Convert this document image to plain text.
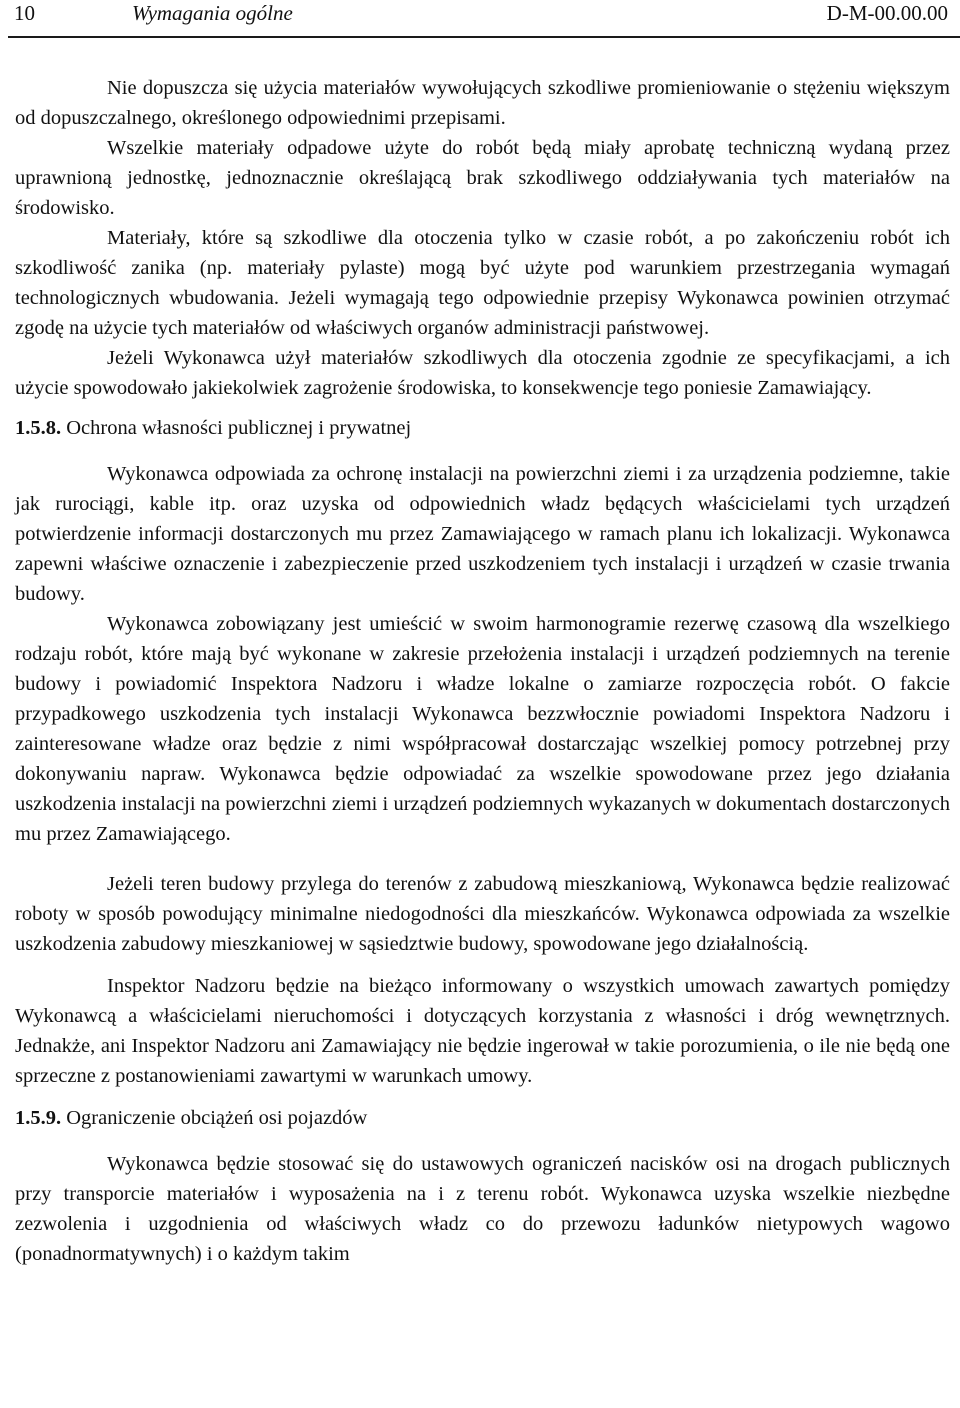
10	Wymagania ogólne	D-M-00.00.00

Nie dopuszcza się użycia materiałów wywołujących szkodliwe promieniowanie o stężeniu większym od dopuszczalnego, określonego odpowiednimi przepisami.

Wszelkie materiały odpadowe użyte do robót będą miały aprobatę techniczną wydaną przez uprawnioną jednostkę, jednoznacznie określającą brak szkodliwego oddziaływania tych materiałów na środowisko.

Materiały, które są szkodliwe dla otoczenia tylko w czasie robót, a po zakończeniu robót ich szkodliwość zanika (np. materiały pylaste) mogą być użyte pod warunkiem przestrzegania wymagań technologicznych wbudowania. Jeżeli wymagają tego odpowiednie przepisy Wykonawca powinien otrzymać zgodę na użycie tych materiałów od właściwych organów administracji państwowej.

Jeżeli Wykonawca użył materiałów szkodliwych dla otoczenia zgodnie ze specyfikacjami, a ich użycie spowodowało jakiekolwiek zagrożenie środowiska, to konsekwencje tego poniesie Zamawiający.

1.5.8. Ochrona własności publicznej i prywatnej

Wykonawca odpowiada za ochronę instalacji na powierzchni ziemi i za urządzenia podziemne, takie jak rurociągi, kable itp. oraz uzyska od odpowiednich władz będących właścicielami tych urządzeń potwierdzenie informacji dostarczonych mu przez Zamawiającego w ramach planu ich lokalizacji. Wykonawca zapewni właściwe oznaczenie i zabezpieczenie przed uszkodzeniem tych instalacji i urządzeń w czasie trwania budowy.

Wykonawca zobowiązany jest umieścić w swoim harmonogramie rezerwę czasową dla wszelkiego rodzaju robót, które mają być wykonane w zakresie przełożenia instalacji i urządzeń podziemnych na terenie budowy i powiadomić Inspektora Nadzoru i władze lokalne o zamiarze rozpoczęcia robót. O fakcie przypadkowego uszkodzenia tych instalacji Wykonawca bezzwłocznie powiadomi Inspektora Nadzoru i zainteresowane władze oraz będzie z nimi współpracował dostarczając wszelkiej pomocy potrzebnej przy dokonywaniu napraw. Wykonawca będzie odpowiadać za wszelkie spowodowane przez jego działania uszkodzenia instalacji na powierzchni ziemi i urządzeń podziemnych wykazanych w dokumentach dostarczonych mu przez Zamawiającego.

Jeżeli teren budowy przylega do terenów z zabudową mieszkaniową, Wykonawca będzie realizować roboty w sposób powodujący minimalne niedogodności dla mieszkańców. Wykonawca odpowiada za wszelkie uszkodzenia zabudowy mieszkaniowej w sąsiedztwie budowy, spowodowane jego działalnością.

Inspektor Nadzoru będzie na bieżąco informowany o wszystkich umowach zawartych pomiędzy Wykonawcą a właścicielami nieruchomości i dotyczących korzystania z własności i dróg wewnętrznych. Jednakże, ani Inspektor Nadzoru ani Zamawiający nie będzie ingerował w takie porozumienia, o ile nie będą one sprzeczne z postanowieniami zawartymi w warunkach umowy.

1.5.9. Ograniczenie obciążeń osi pojazdów

Wykonawca będzie stosować się do ustawowych ograniczeń nacisków osi na drogach publicznych przy transporcie materiałów i wyposażenia na i z terenu robót. Wykonawca uzyska wszelkie niezbędne zezwolenia i uzgodnienia od właściwych władz co do przewozu ładunków nietypowych wagowo (ponadnormatywnych) i o każdym takim
